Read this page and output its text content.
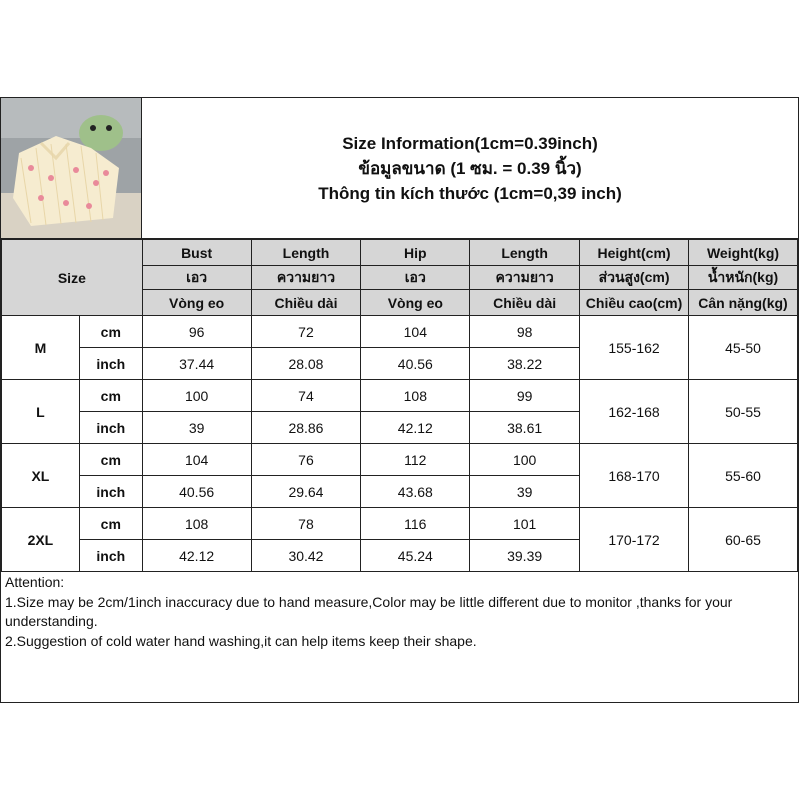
Size Information(1cm=0.39inch)
ข้อมูลขนาด (1 ซม. = 0.39 นิ้ว)
Thông tin kích thước (1cm=0,39 inch)
Size		Bust	Length	Hip	Length	Height(cm)	Weight(kg)
		เอว	ความยาว	เอว	ความยาว	ส่วนสูง(cm)	น้ำหนัก(kg)
		Vòng eo	Chiều dài	Vòng eo	Chiều dài	Chiều cao(cm)	Cân nặng(kg)
M	cm	96	72	104	98	155-162	45-50
	inch	37.44	28.08	40.56	38.22		
L	cm	100	74	108	99	162-168	50-55
	inch	39	28.86	42.12	38.61		
XL	cm	104	76	112	100	168-170	55-60
	inch	40.56	29.64	43.68	39		
2XL	cm	108	78	116	101	170-172	60-65
	inch	42.12	30.42	45.24	39.39		
Attention:
1.Size may be 2cm/1inch inaccuracy due to hand measure,Color may be little different due to monitor ,thanks for your understanding.
2.Suggestion of cold water hand washing,it can help items keep their shape.
